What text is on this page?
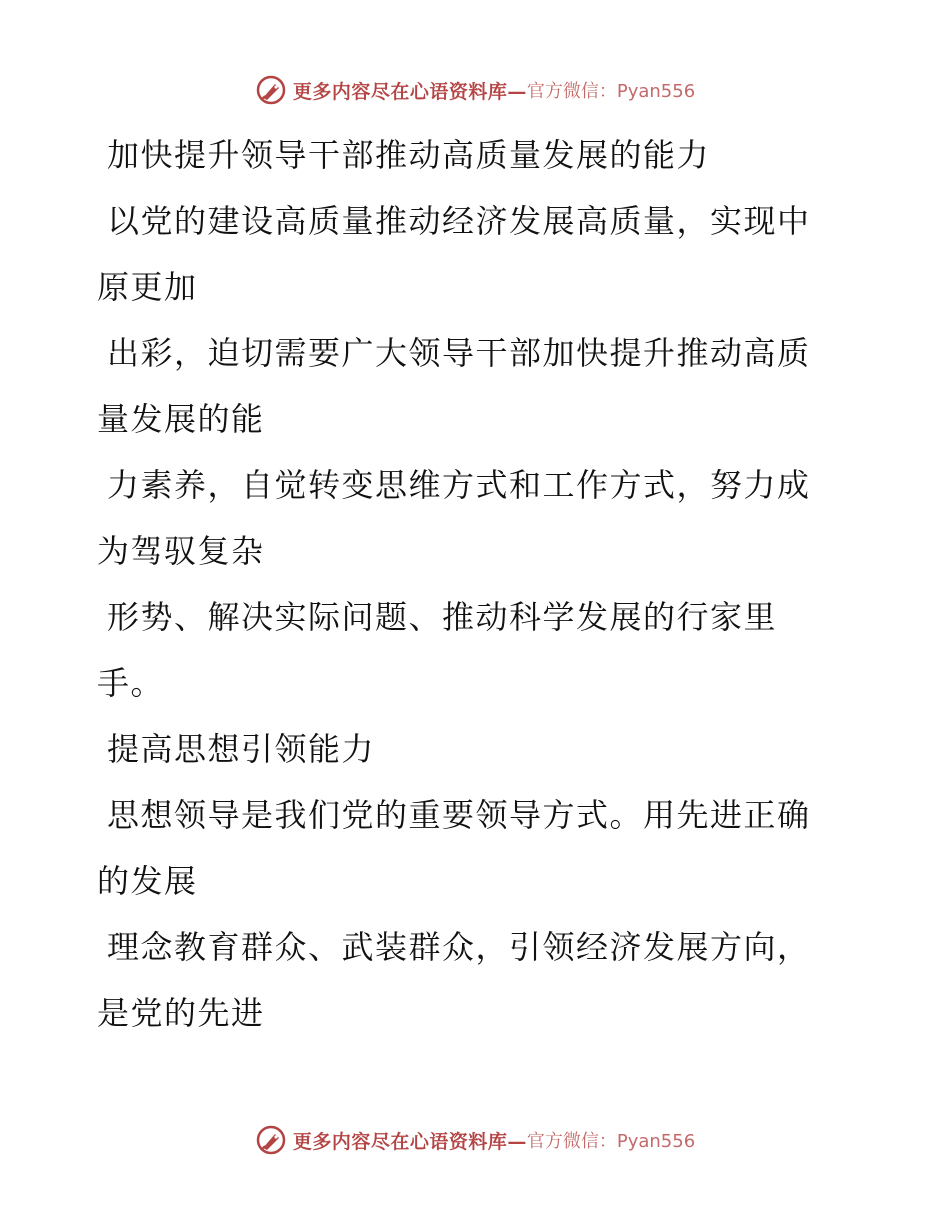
更多内容尽在心语资料库— 官方微信：Pyan556

加快提升领导干部推动高质量发展的能力

以党的建设高质量推动经济发展高质量，实现中原更加

出彩，迫切需要广大领导干部加快提升推动高质量发展的能

力素养，自觉转变思维方式和工作方式，努力成为驾驭复杂

形势、解决实际问题、推动科学发展的行家里手。

提高思想引领能力

思想领导是我们党的重要领导方式。用先进正确的发展

理念教育群众、武装群众，引领经济发展方向，是党的先进

更多内容尽在心语资料库— 官方微信：Pyan556
